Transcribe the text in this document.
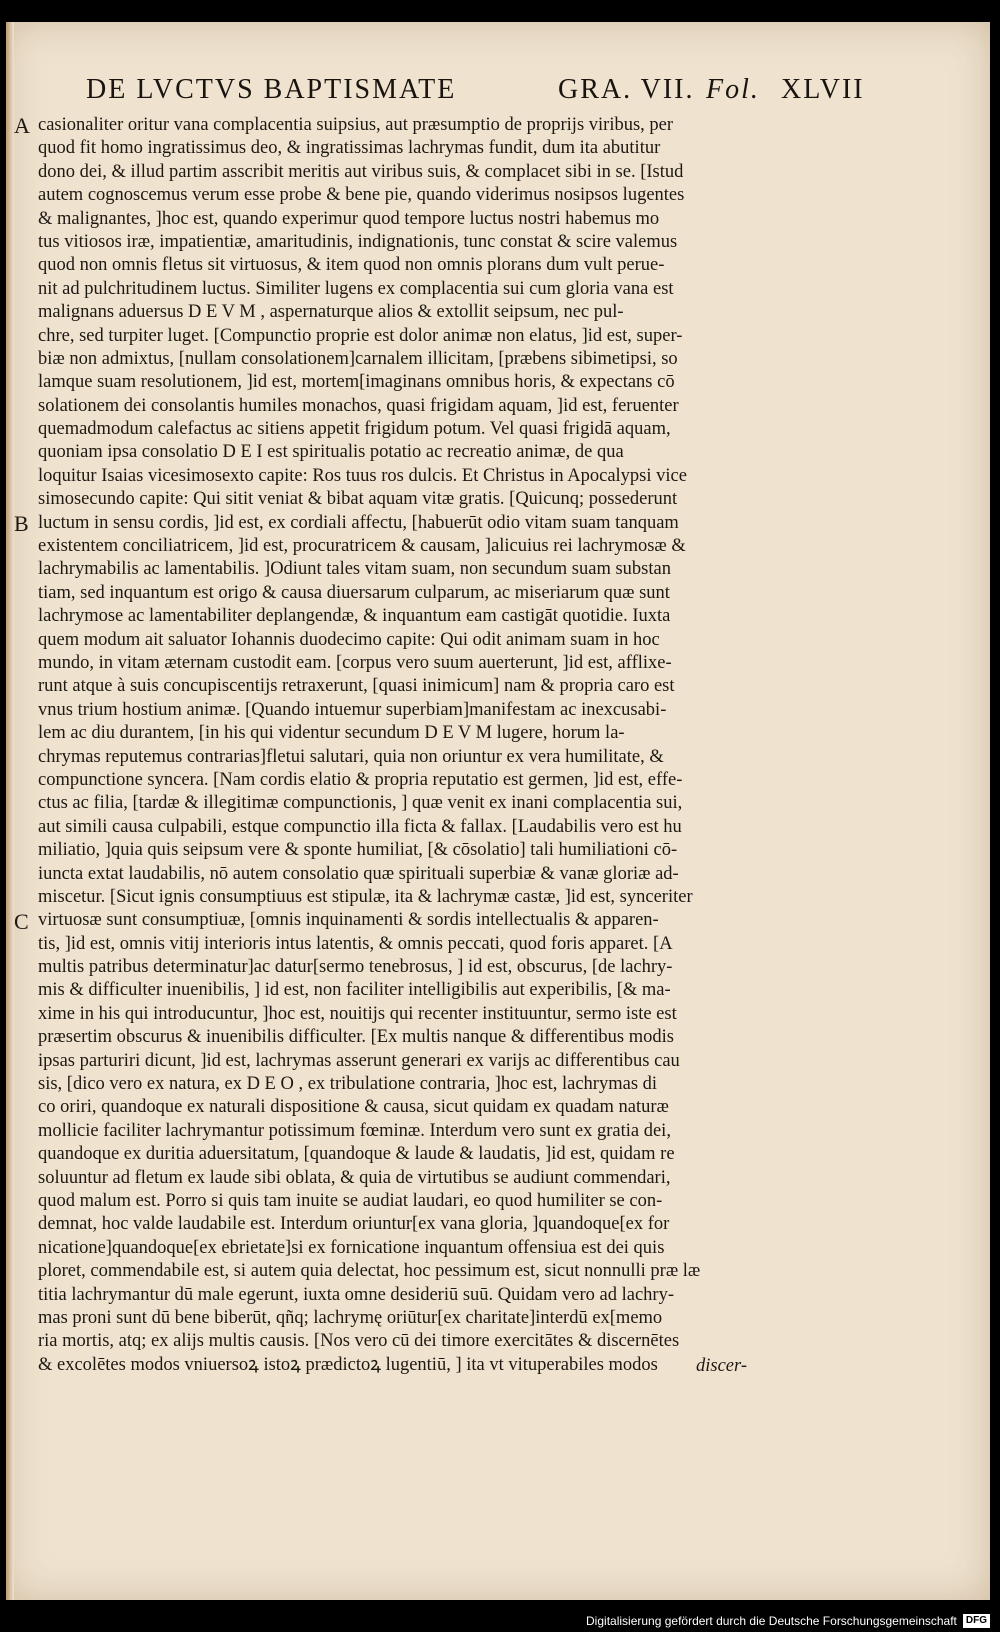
DE LVCTVS BAPTISMATE	GRA. VII. Fol. XLVII
A
B
C
casionaliter oritur vana complacentia suipsius, aut præsumptio de proprijs viribus, per
quod fit homo ingratissimus deo, & ingratissimas lachrymas fundit, dum ita abutitur
dono dei, & illud partim asscribit meritis aut viribus suis, & complacet sibi in se. [Istud
autem cognoscemus verum esse probe & bene pie, quando viderimus nosipsos lugentes
& malignantes, ]hoc est, quando experimur quod tempore luctus nostri habemus mo
tus vitiosos iræ, impatientiæ, amaritudinis, indignationis, tunc constat & scire valemus
quod non omnis fletus sit virtuosus, & item quod non omnis plorans dum vult perue-
nit ad pulchritudinem luctus. Similiter lugens ex complacentia sui cum gloria vana est
malignans aduersus D E V M , aspernaturque alios & extollit seipsum, nec pul-
chre, sed turpiter luget. [Compunctio proprie est dolor animæ non elatus, ]id est, super-
biæ non admixtus, [nullam consolationem]carnalem illicitam, [præbens sibimetipsi, so
lamque suam resolutionem, ]id est, mortem[imaginans omnibus horis, & expectans cō
solationem dei consolantis humiles monachos, quasi frigidam aquam, ]id est, feruenter
quemadmodum calefactus ac sitiens appetit frigidum potum. Vel quasi frigidā aquam,
quoniam ipsa consolatio D E I est spiritualis potatio ac recreatio animæ, de qua
loquitur Isaias vicesimosexto capite: Ros tuus ros dulcis. Et Christus in Apocalypsi vice
simosecundo capite: Qui sitit veniat & bibat aquam vitæ gratis. [Quicunq; possederunt
luctum in sensu cordis, ]id est, ex cordiali affectu, [habuerūt odio vitam suam tanquam
existentem conciliatricem, ]id est, procuratricem & causam, ]alicuius rei lachrymosæ &
lachrymabilis ac lamentabilis. ]Odiunt tales vitam suam, non secundum suam substan
tiam, sed inquantum est origo & causa diuersarum culparum, ac miseriarum quæ sunt
lachrymose ac lamentabiliter deplangendæ, & inquantum eam castigāt quotidie. Iuxta
quem modum ait saluator Iohannis duodecimo capite: Qui odit animam suam in hoc
mundo, in vitam æternam custodit eam. [corpus vero suum auerterunt, ]id est, afflixe-
runt atque à suis concupiscentijs retraxerunt, [quasi inimicum] nam & propria caro est
vnus trium hostium animæ. [Quando intuemur superbiam]manifestam ac inexcusabi-
lem ac diu durantem, [in his qui videntur secundum D E V M lugere, horum la-
chrymas reputemus contrarias]fletui salutari, quia non oriuntur ex vera humilitate, &
compunctione syncera. [Nam cordis elatio & propria reputatio est germen, ]id est, effe-
ctus ac filia, [tardæ & illegitimæ compunctionis, ] quæ venit ex inani complacentia sui,
aut simili causa culpabili, estque compunctio illa ficta & fallax. [Laudabilis vero est hu
miliatio, ]quia quis seipsum vere & sponte humiliat, [& cōsolatio] tali humiliationi cō-
iuncta extat laudabilis, nō autem consolatio quæ spirituali superbiæ & vanæ gloriæ ad-
miscetur. [Sicut ignis consumptiuus est stipulæ, ita & lachrymæ castæ, ]id est, synceriter
virtuosæ sunt consumptiuæ, [omnis inquinamenti & sordis intellectualis & apparen-
tis, ]id est, omnis vitij interioris intus latentis, & omnis peccati, quod foris apparet. [A
multis patribus determinatur]ac datur[sermo tenebrosus, ] id est, obscurus, [de lachry-
mis & difficulter inuenibilis, ] id est, non faciliter intelligibilis aut experibilis, [& ma-
xime in his qui introducuntur, ]hoc est, nouitijs qui recenter instituuntur, sermo iste est
præsertim obscurus & inuenibilis difficulter. [Ex multis nanque & differentibus modis
ipsas parturiri dicunt, ]id est, lachrymas asserunt generari ex varijs ac differentibus cau
sis, [dico vero ex natura, ex D E O , ex tribulatione contraria, ]hoc est, lachrymas di
co oriri, quandoque ex naturali dispositione & causa, sicut quidam ex quadam naturæ
mollicie faciliter lachrymantur potissimum fœminæ. Interdum vero sunt ex gratia dei,
quandoque ex duritia aduersitatum, [quandoque & laude & laudatis, ]id est, quidam re
soluuntur ad fletum ex laude sibi oblata, & quia de virtutibus se audiunt commendari,
quod malum est. Porro si quis tam inuite se audiat laudari, eo quod humiliter se con-
demnat, hoc valde laudabile est. Interdum oriuntur[ex vana gloria, ]quandoque[ex for
nicatione]quandoque[ex ebrietate]si ex fornicatione inquantum offensiua est dei quis
ploret, commendabile est, si autem quia delectat, hoc pessimum est, sicut nonnulli præ læ
titia lachrymantur dū male egerunt, iuxta omne desideriū suū. Quidam vero ad lachry-
mas proni sunt dū bene biberūt, qñq; lachrymę oriūtur[ex charitate]interdū ex[memo
ria mortis, atq; ex alijs multis causis. [Nos vero cū dei timore exercitātes & discernētes
& excolētes modos vniuersoꝝ istoꝝ prædictoꝝ lugentiū, ] ita vt vituperabiles modos	discer-
Digitalisierung gefördert durch die Deutsche Forschungsgemeinschaft DFG
